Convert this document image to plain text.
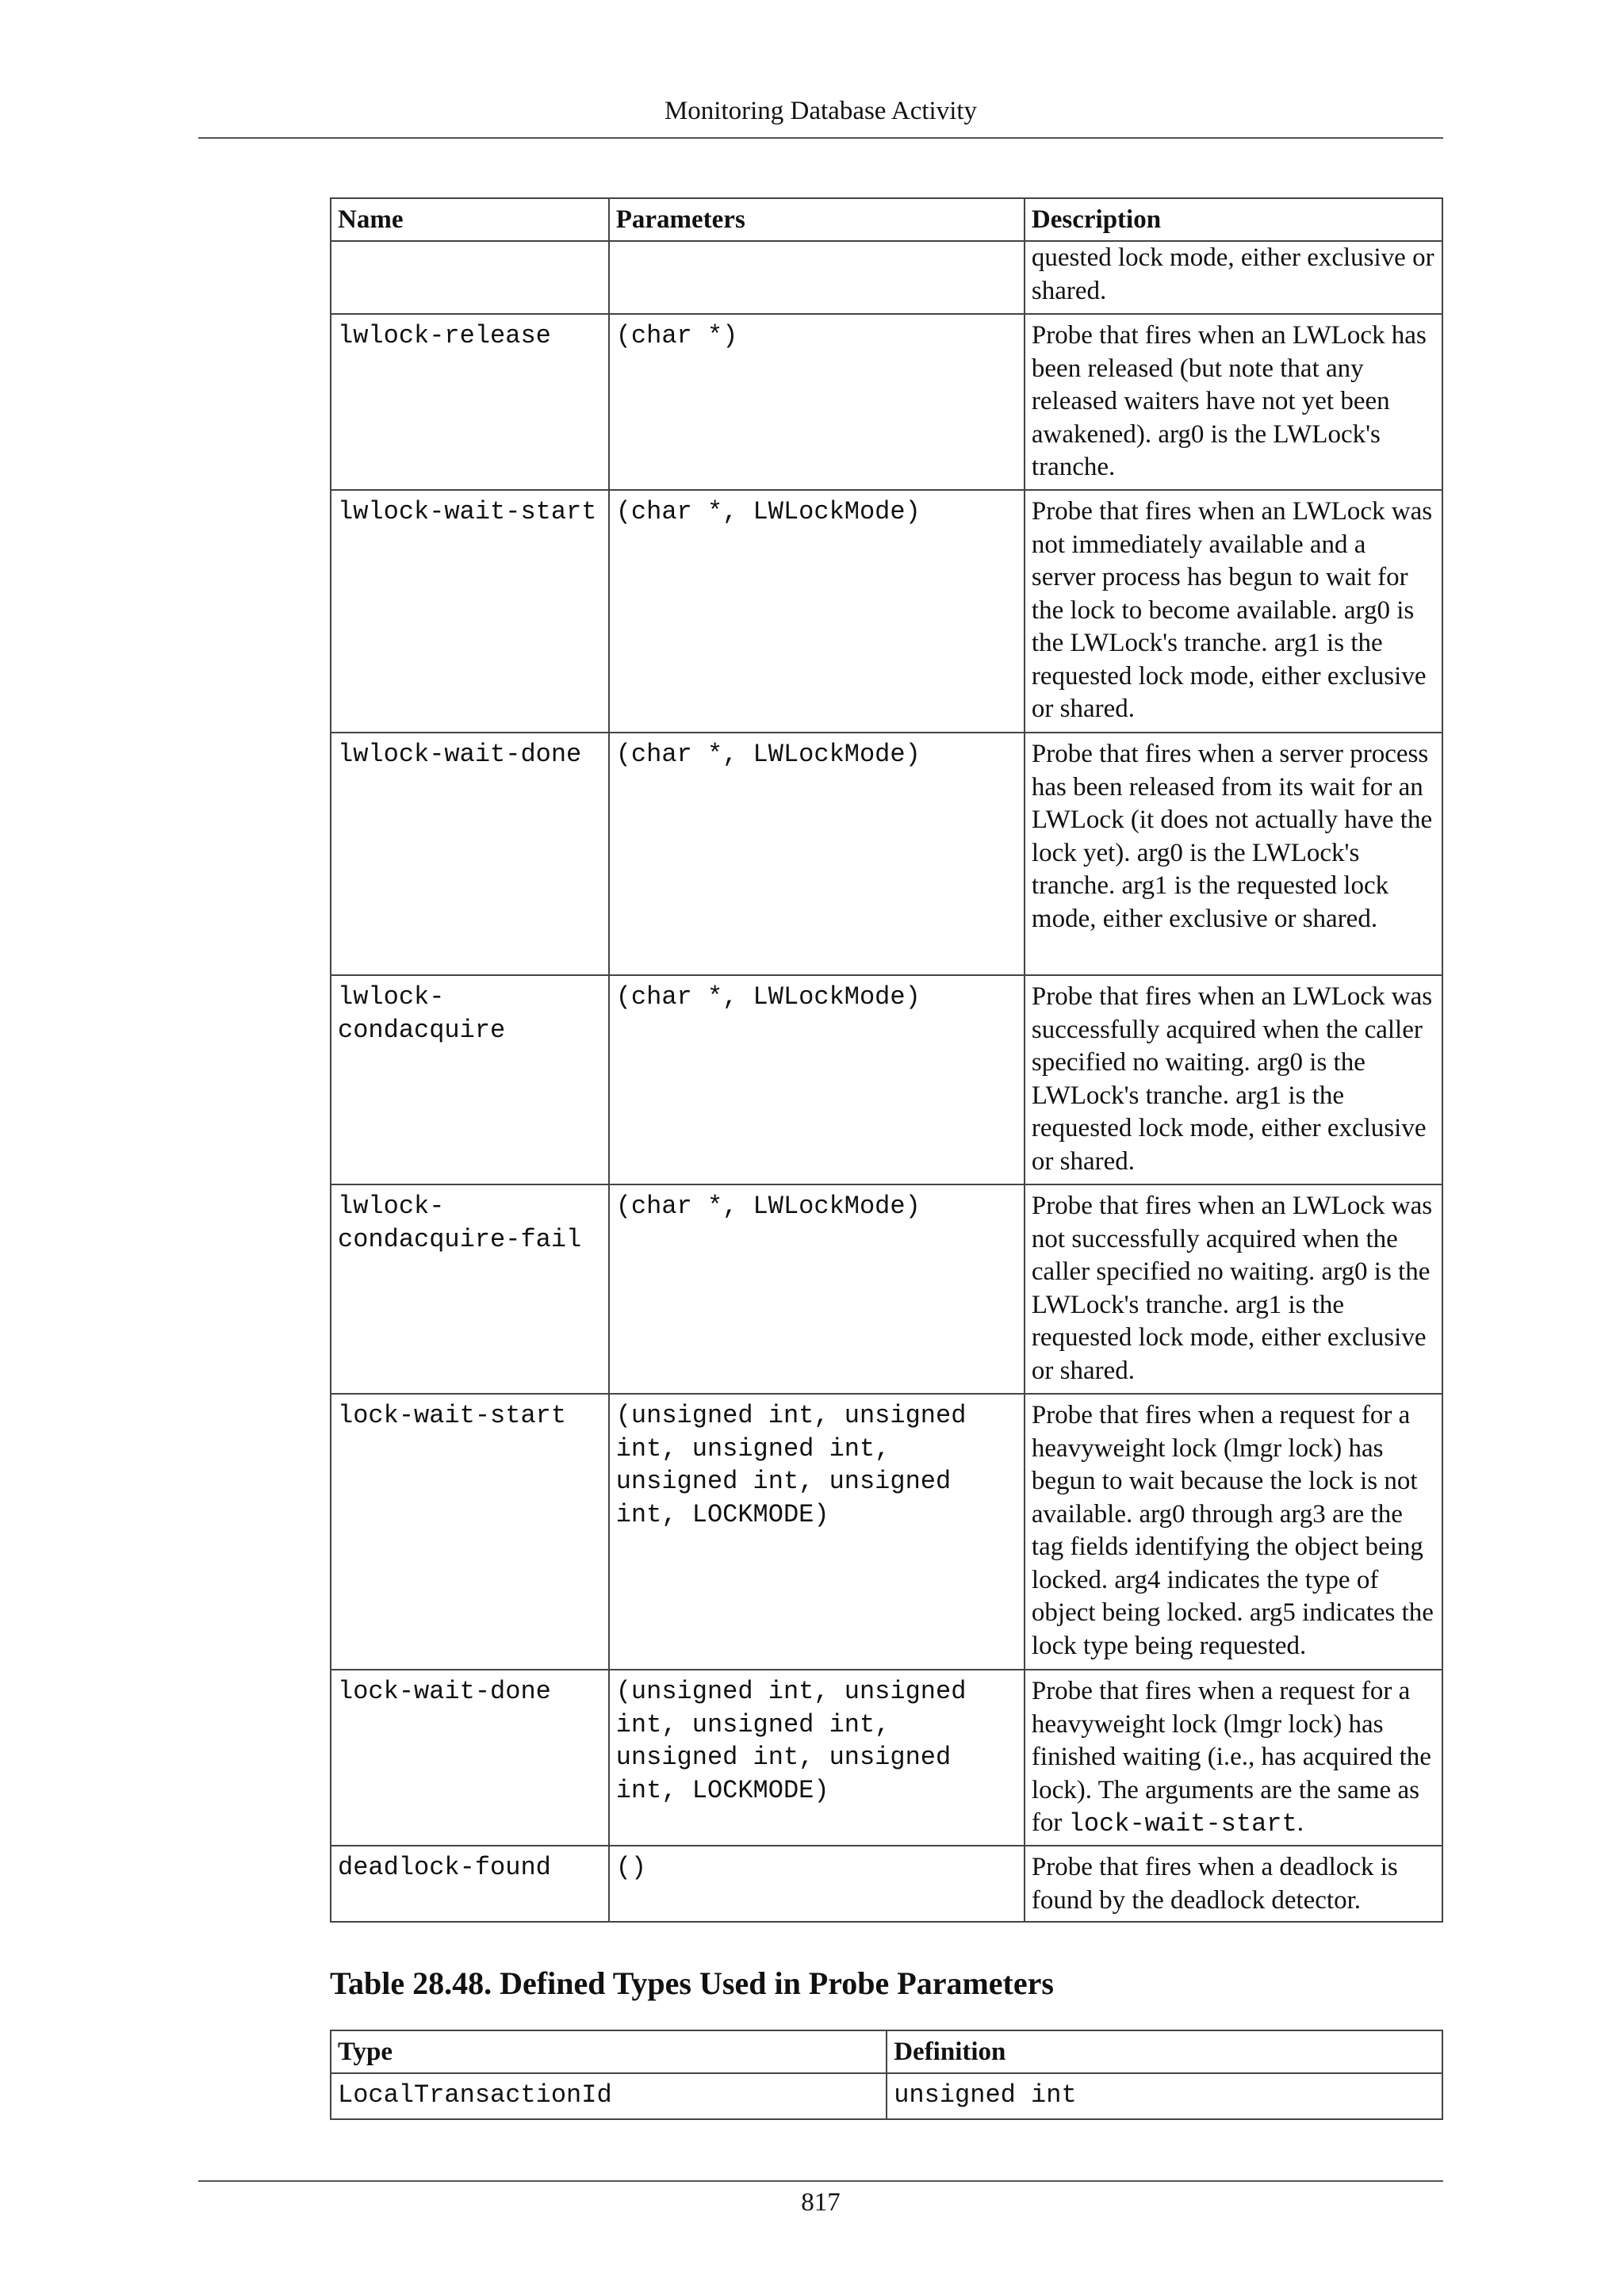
Monitoring Database Activity
Name	Parameters	Description
		quested lock mode, either exclusive or shared.
lwlock-release	(char *)	Probe that fires when an LWLock has been released (but note that any released waiters have not yet been awakened). arg0 is the LWLock's tranche.
lwlock-wait-start	(char *, LWLockMode)	Probe that fires when an LWLock was not immediately available and a server process has begun to wait for the lock to become available. arg0 is the LWLock's tranche. arg1 is the requested lock mode, either exclusive or shared.
lwlock-wait-done	(char *, LWLockMode)	Probe that fires when a server process has been released from its wait for an LWLock (it does not actually have the lock yet). arg0 is the LWLock's tranche. arg1 is the requested lock mode, either exclusive or shared.
lwlock-condacquire	(char *, LWLockMode)	Probe that fires when an LWLock was successfully acquired when the caller specified no waiting. arg0 is the LWLock's tranche. arg1 is the requested lock mode, either exclusive or shared.
lwlock-condacquire-fail	(char *, LWLockMode)	Probe that fires when an LWLock was not successfully acquired when the caller specified no waiting. arg0 is the LWLock's tranche. arg1 is the requested lock mode, either exclusive or shared.
lock-wait-start	(unsigned int, unsigned int, unsigned int, unsigned int, unsigned int, LOCKMODE)	Probe that fires when a request for a heavyweight lock (lmgr lock) has begun to wait because the lock is not available. arg0 through arg3 are the tag fields identifying the object being locked. arg4 indicates the type of object being locked. arg5 indicates the lock type being requested.
lock-wait-done	(unsigned int, unsigned int, unsigned int, unsigned int, unsigned int, LOCKMODE)	Probe that fires when a request for a heavyweight lock (lmgr lock) has finished waiting (i.e., has acquired the lock). The arguments are the same as for lock-wait-start.
deadlock-found	()	Probe that fires when a deadlock is found by the deadlock detector.
Table 28.48. Defined Types Used in Probe Parameters
Type	Definition
LocalTransactionId	unsigned int
817
